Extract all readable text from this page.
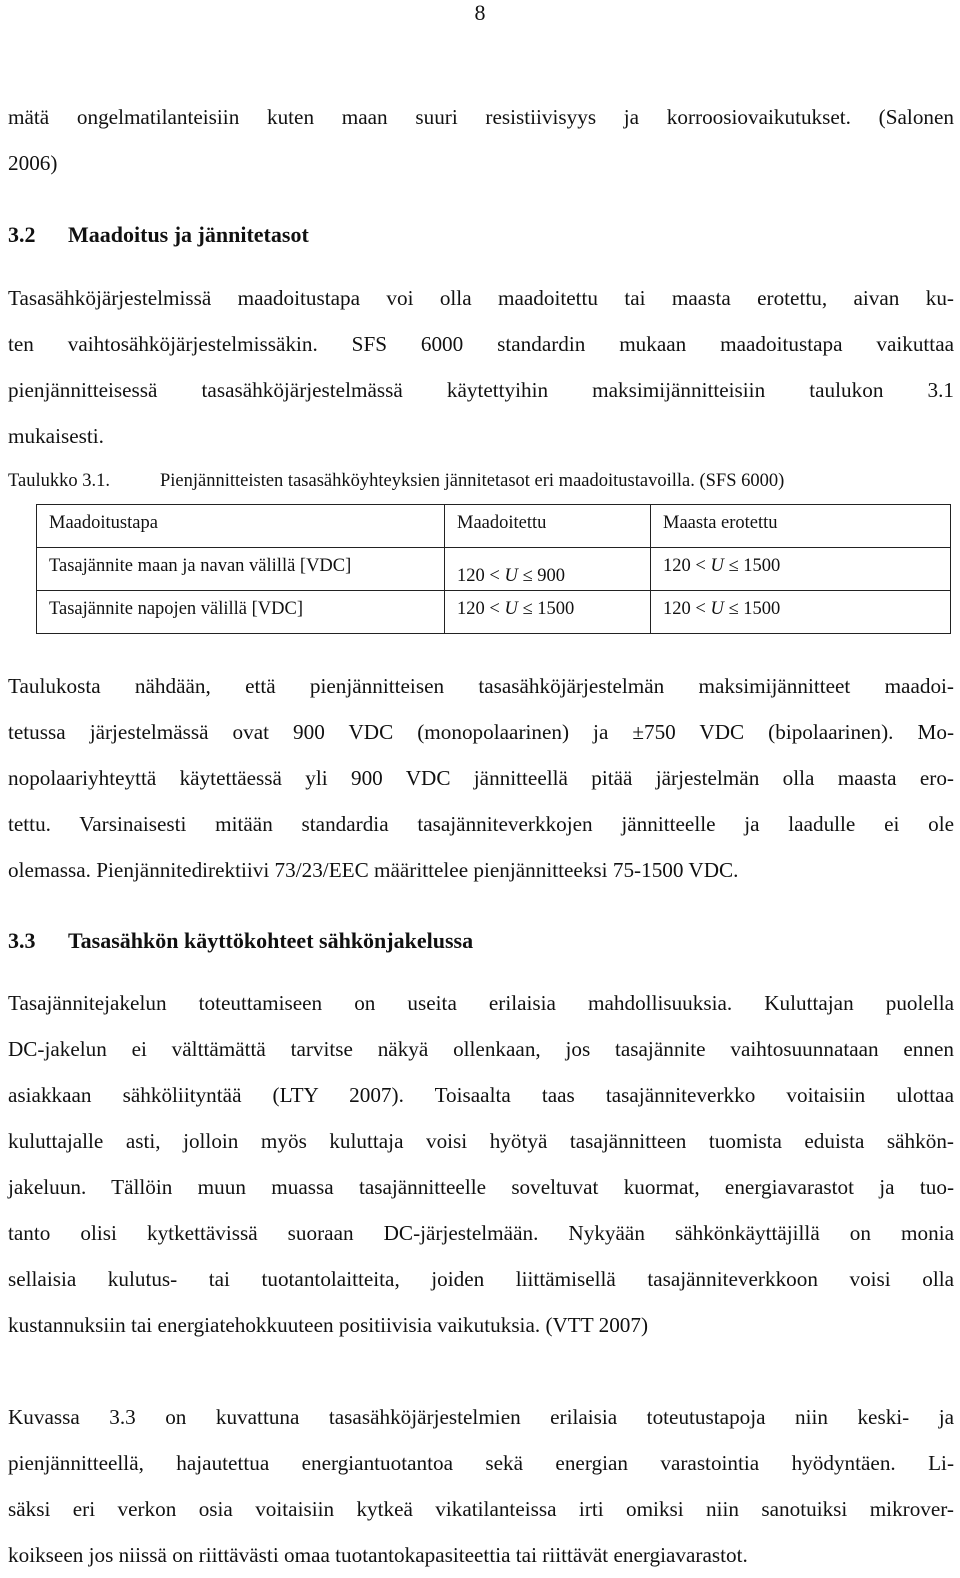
8
mätä ongelmatilanteisiin kuten maan suuri resistiivisyys ja korroosiovaikutukset. (Salonen
2006)
3.2 Maadoitus ja jännitetasot
Tasasähköjärjestelmissä maadoitustapa voi olla maadoitettu tai maasta erotettu, aivan ku-
ten vaihtosähköjärjestelmissäkin. SFS 6000 standardin mukaan maadoitustapa vaikuttaa
pienjännitteisessä tasasähköjärjestelmässä käytettyihin maksimijännitteisiin taulukon 3.1
mukaisesti.
Taulukko 3.1.	Pienjännitteisten tasasähköyhteyksien jännitetasot eri maadoitustavoilla. (SFS 6000)
Maadoitustapa	Maadoitettu	Maasta erotettu
Tasajännite maan ja navan välillä [VDC]	120 < U ≤ 900	120 < U ≤ 1500
Tasajännite napojen välillä [VDC]	120 < U ≤ 1500	120 < U ≤ 1500
Taulukosta nähdään, että pienjännitteisen tasasähköjärjestelmän maksimijännitteet maadoi-
tetussa järjestelmässä ovat 900 VDC (monopolaarinen) ja ±750 VDC (bipolaarinen). Mo-
nopolaariyhteyttä käytettäessä yli 900 VDC jännitteellä pitää järjestelmän olla maasta ero-
tettu. Varsinaisesti mitään standardia tasajänniteverkkojen jännitteelle ja laadulle ei ole
olemassa. Pienjännitedirektiivi 73/23/EEC määrittelee pienjännitteeksi 75-1500 VDC.
3.3 Tasasähkön käyttökohteet sähkönjakelussa
Tasajännitejakelun toteuttamiseen on useita erilaisia mahdollisuuksia. Kuluttajan puolella
DC-jakelun ei välttämättä tarvitse näkyä ollenkaan, jos tasajännite vaihtosuunnataan ennen
asiakkaan sähköliityntää (LTY 2007). Toisaalta taas tasajänniteverkko voitaisiin ulottaa
kuluttajalle asti, jolloin myös kuluttaja voisi hyötyä tasajännitteen tuomista eduista sähkön-
jakeluun. Tällöin muun muassa tasajännitteelle soveltuvat kuormat, energiavarastot ja tuo-
tanto olisi kytkettävissä suoraan DC-järjestelmään. Nykyään sähkönkäyttäjillä on monia
sellaisia kulutus- tai tuotantolaitteita, joiden liittämisellä tasajänniteverkkoon voisi olla
kustannuksiin tai energiatehokkuuteen positiivisia vaikutuksia. (VTT 2007)
Kuvassa 3.3 on kuvattuna tasasähköjärjestelmien erilaisia toteutustapoja niin keski- ja
pienjännitteellä, hajautettua energiantuotantoa sekä energian varastointia hyödyntäen. Li-
säksi eri verkon osia voitaisiin kytkeä vikatilanteissa irti omiksi niin sanotuiksi mikrover-
koikseen jos niissä on riittävästi omaa tuotantokapasiteettia tai riittävät energiavarastot.
